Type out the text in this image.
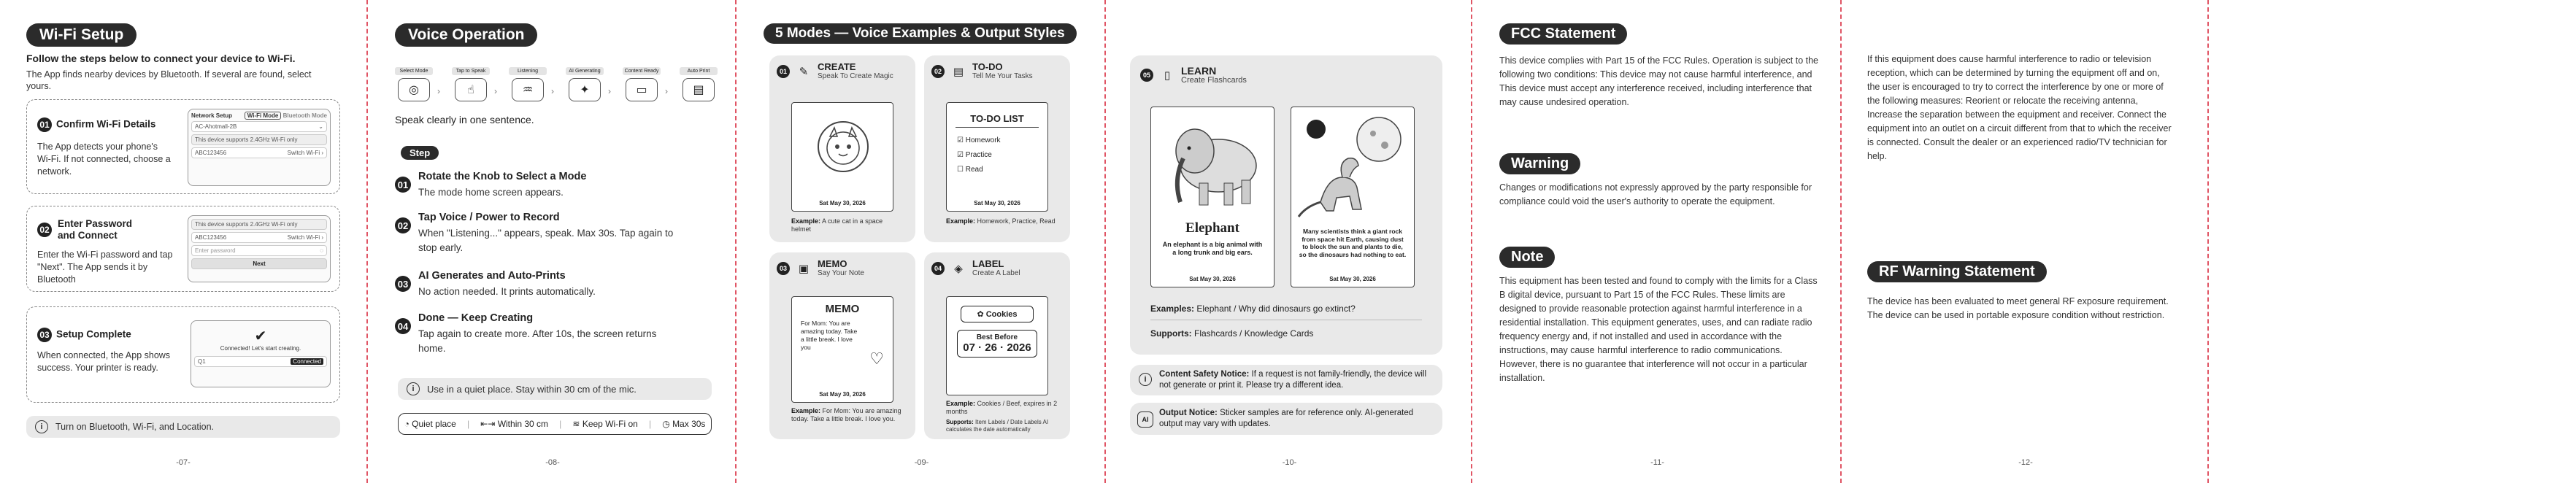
Wi-Fi Setup
Follow the steps below to connect your device to Wi-Fi.
The App finds nearby devices by Bluetooth. If several are found, select yours.
01 Confirm Wi-Fi Details
The App detects your phone's Wi-Fi. If not connected, choose a network.
Network Setup	Wi-Fi Mode Bluetooth Mode
AC-Ahotmall-2B	⌄
This device supports 2.4GHz Wi-Fi only
ABC123456	Switch Wi-Fi ›
02
Enter Password and Connect
Enter the Wi-Fi password and tap "Next". The App sends it by Bluetooth
This device supports 2.4GHz Wi-Fi only
ABC123456	Switch Wi-Fi ›
Enter password	◌
Next
03 Setup Complete
When connected, the App shows success. Your printer is ready.
✔
Connected! Let's start creating.
Q1	Connected
i	Turn on Bluetooth, Wi-Fi, and Location.
-07-
Voice Operation
Select Mode
◎	›
Tap to Speak
☝	›
Listening
♒	›
AI Generating
✦	›
Content Ready
▭	›
Auto Print
▤
Speak clearly in one sentence.
Step
01
Rotate the Knob to Select a Mode
The mode home screen appears.
02
Tap Voice / Power to Record
When "Listening..." appears, speak. Max 30s. Tap again to stop early.
03
AI Generates and Auto-Prints
No action needed. It prints automatically.
04
Done — Keep Creating
Tap again to create more. After 10s, the screen returns home.
i	Use in a quiet place. Stay within 30 cm of the mic.
◔ Quiet place | ⇤⇥ Within 30 cm | ≋ Keep Wi-Fi on | ◷ Max 30s
-08-
5 Modes — Voice Examples & Output Styles
01	✎ CREATE
Speak To Create Magic
Sat May 30, 2026
Example: A cute cat in a space helmet
02 ▤ TO-DO
Tell Me Your Tasks
TO-DO LIST
☑ Homework
☑ Practice
☐ Read
Sat May 30, 2026
Example: Homework, Practice, Read
03 ▣ MEMO
Say Your Note
MEMO
For Mom: You are amazing today. Take a little break. I love you
♡
Sat May 30, 2026
Example: For Mom: You are amazing today. Take a little break. I love you.
04	◈	LABEL
Create A Label
✿ Cookies
Best Before
07 · 26 · 2026
Example: Cookies / Beef, expires in 2 months
Supports: Item Labels / Date Labels AI calculates the date automatically
-09-
05	▯	LEARN
Create Flashcards
Elephant
An elephant is a big animal with a long trunk and big ears.
Sat May 30, 2026
Many scientists think a giant rock from space hit Earth, causing dust to block the sun and plants to die, so the dinosaurs had nothing to eat.
Sat May 30, 2026
Examples: Elephant / Why did dinosaurs go extinct?
Supports: Flashcards / Knowledge Cards
i
Content Safety Notice: If a request is not family-friendly, the device will not generate or print it. Please try a different idea.
AI
Output Notice: Sticker samples are for reference only. AI-generated output may vary with updates.
-10-
FCC Statement
This device complies with Part 15 of the FCC Rules. Operation is subject to the following two conditions: This device may not cause harmful interference, and This device must accept any interference received, including interference that may cause undesired operation.
Warning
Changes or modifications not expressly approved by the party responsible for compliance could void the user's authority to operate the equipment.
Note
This equipment has been tested and found to comply with the limits for a Class B digital device, pursuant to Part 15 of the FCC Rules. These limits are designed to provide reasonable protection against harmful interference in a residential installation. This equipment generates, uses, and can radiate radio frequency energy and, if not installed and used in accordance with the instructions, may cause harmful interference to radio communications. However, there is no guarantee that interference will not occur in a particular installation.
-11-
If this equipment does cause harmful interference to radio or television reception, which can be determined by turning the equipment off and on, the user is encouraged to try to correct the interference by one or more of the following measures: Reorient or relocate the receiving antenna, Increase the separation between the equipment and receiver. Connect the equipment into an outlet on a circuit different from that to which the receiver is connected. Consult the dealer or an experienced radio/TV technician for help.
RF Warning Statement
The device has been evaluated to meet general RF exposure requirement. The device can be used in portable exposure condition without restriction.
-12-
